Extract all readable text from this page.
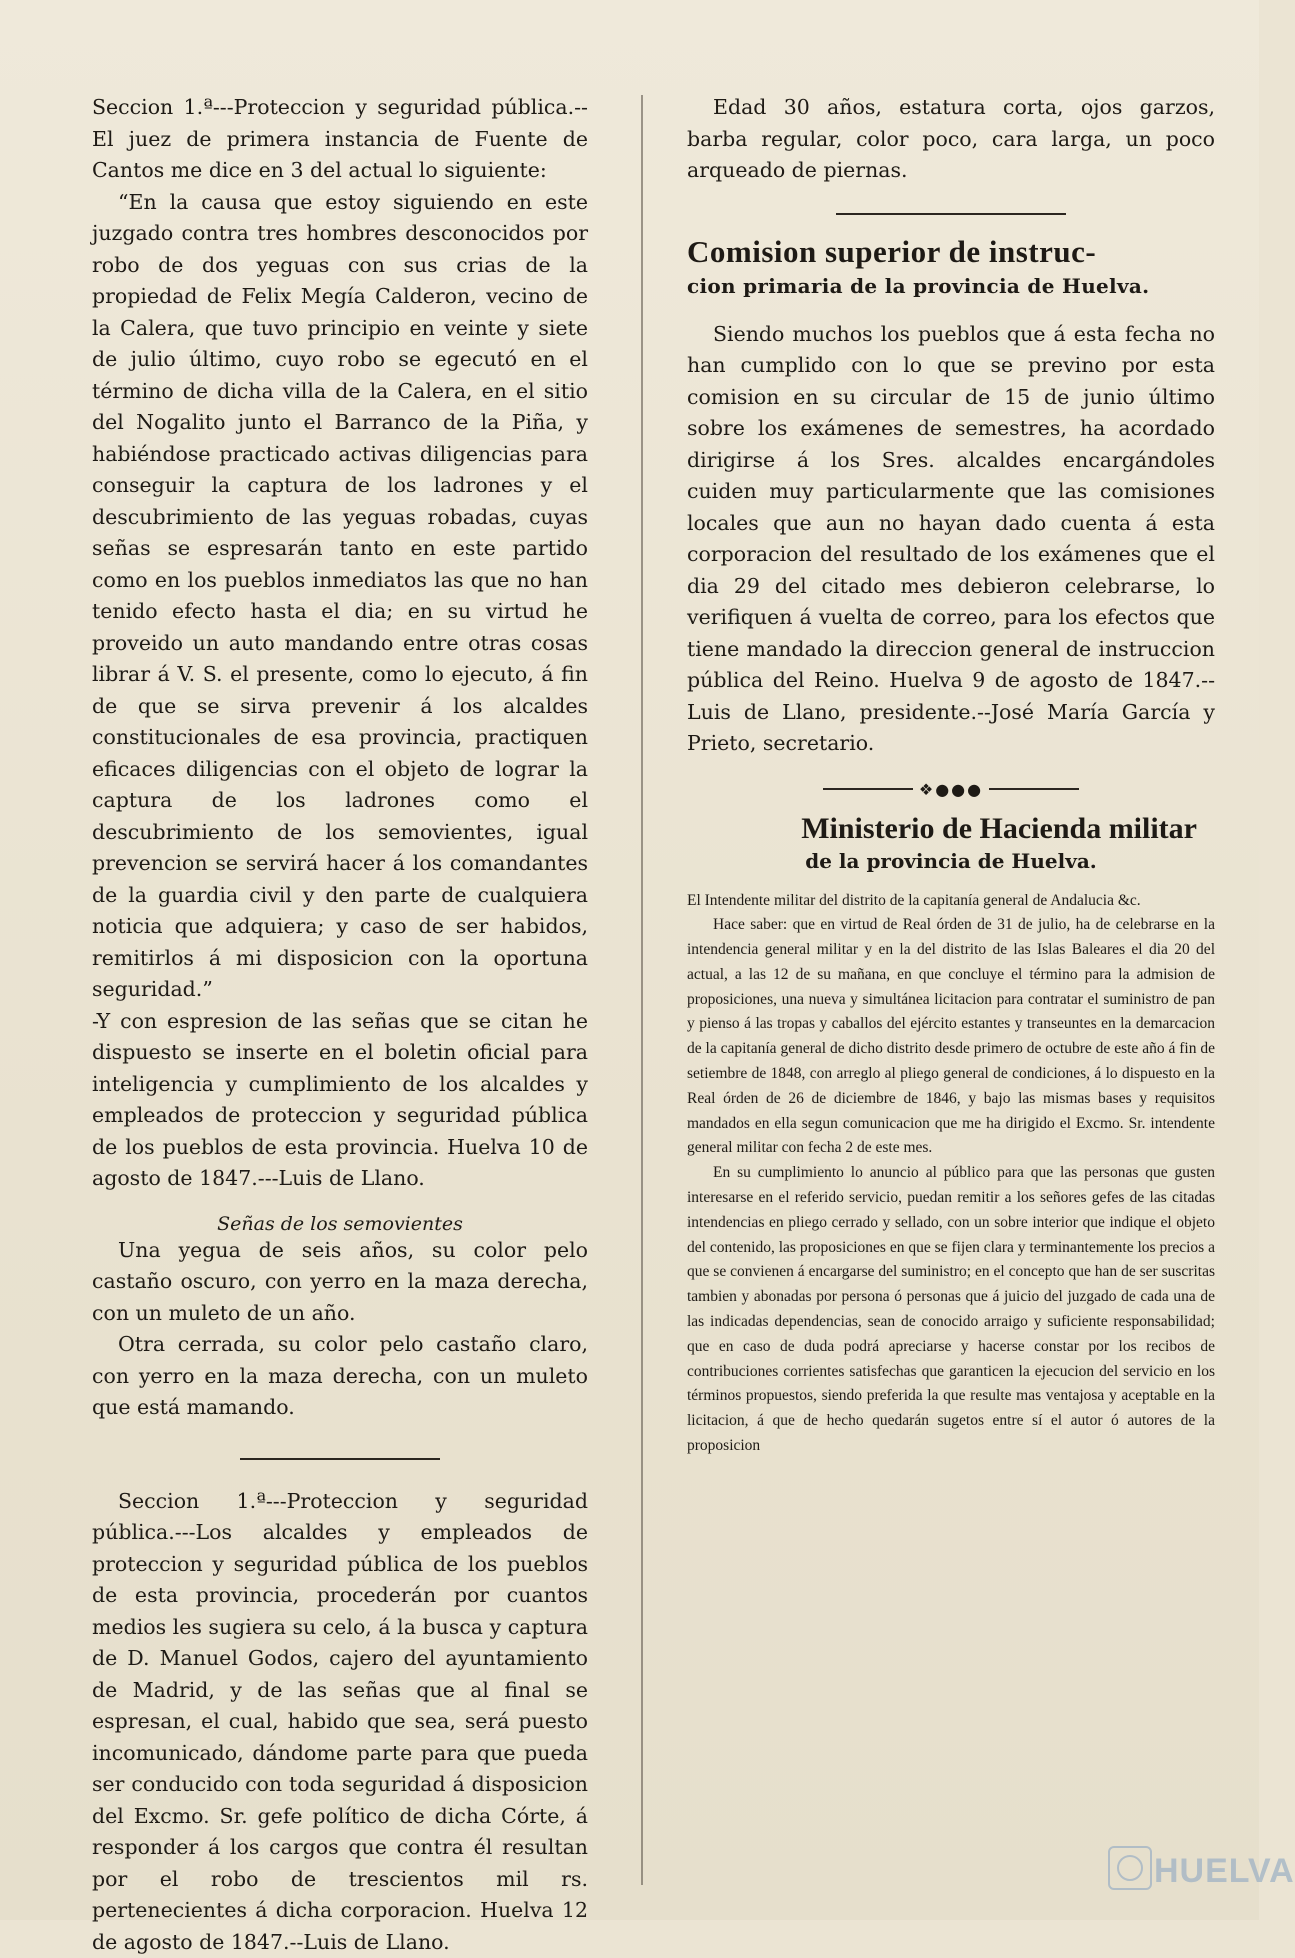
Seccion 1.ª---Proteccion y seguridad pública.--El juez de primera instancia de Fuente de Cantos me dice en 3 del actual lo siguiente:

“En la causa que estoy siguiendo en este juzgado contra tres hombres desconocidos por robo de dos yeguas con sus crias de la propiedad de Felix Megía Calderon, vecino de la Calera, que tuvo principio en veinte y siete de julio último, cuyo robo se egecutó en el término de dicha villa de la Calera, en el sitio del Nogalito junto el Barranco de la Piña, y habiéndose practicado activas diligencias para conseguir la captura de los ladrones y el descubrimiento de las yeguas robadas, cuyas señas se espresarán tanto en este partido como en los pueblos inmediatos las que no han tenido efecto hasta el dia; en su virtud he proveido un auto mandando entre otras cosas librar á V. S. el presente, como lo ejecuto, á fin de que se sirva prevenir á los alcaldes constitucionales de esa provincia, practiquen eficaces diligencias con el objeto de lograr la captura de los ladrones como el descubrimiento de los semovientes, igual prevencion se servirá hacer á los comandantes de la guardia civil y den parte de cualquiera noticia que adquiera; y caso de ser habidos, remitirlos á mi disposicion con la oportuna seguridad.”

-Y con espresion de las señas que se citan he dispuesto se inserte en el boletin oficial para inteligencia y cumplimiento de los alcaldes y empleados de proteccion y seguridad pública de los pueblos de esta provincia. Huelva 10 de agosto de 1847.---Luis de Llano.

Señas de los semovientes

Una yegua de seis años, su color pelo castaño oscuro, con yerro en la maza derecha, con un muleto de un año.

Otra cerrada, su color pelo castaño claro, con yerro en la maza derecha, con un muleto que está mamando.

Seccion 1.ª---Proteccion y seguridad pública.---Los alcaldes y empleados de proteccion y seguridad pública de los pueblos de esta provincia, procederán por cuantos medios les sugiera su celo, á la busca y captura de D. Manuel Godos, cajero del ayuntamiento de Madrid, y de las señas que al final se espresan, el cual, habido que sea, será puesto incomunicado, dándome parte para que pueda ser conducido con toda seguridad á disposicion del Excmo. Sr. gefe político de dicha Córte, á responder á los cargos que contra él resultan por el robo de trescientos mil rs. pertenecientes á dicha corporacion. Huelva 12 de agosto de 1847.--Luis de Llano.

Edad 30 años, estatura corta, ojos garzos, barba regular, color poco, cara larga, un poco arqueado de piernas.

Comision superior de instruc-
cion primaria de la provincia de Huelva.

Siendo muchos los pueblos que á esta fecha no han cumplido con lo que se previno por esta comision en su circular de 15 de junio último sobre los exámenes de semestres, ha acordado dirigirse á los Sres. alcaldes encargándoles cuiden muy particularmente que las comisiones locales que aun no hayan dado cuenta á esta corporacion del resultado de los exámenes que el dia 29 del citado mes debieron celebrarse, lo verifiquen á vuelta de correo, para los efectos que tiene mandado la direccion general de instruccion pública del Reino. Huelva 9 de agosto de 1847.--Luis de Llano, presidente.--José María García y Prieto, secretario.

❖●●●
Ministerio de Hacienda militar
de la provincia de Huelva.

El Intendente militar del distrito de la capitanía general de Andalucia &c.

Hace saber: que en virtud de Real órden de 31 de julio, ha de celebrarse en la intendencia general militar y en la del distrito de las Islas Baleares el dia 20 del actual, a las 12 de su mañana, en que concluye el término para la admision de proposiciones, una nueva y simultánea licitacion para contratar el suministro de pan y pienso á las tropas y caballos del ejército estantes y transeuntes en la demarcacion de la capitanía general de dicho distrito desde primero de octubre de este año á fin de setiembre de 1848, con arreglo al pliego general de condiciones, á lo dispuesto en la Real órden de 26 de diciembre de 1846, y bajo las mismas bases y requisitos mandados en ella segun comunicacion que me ha dirigido el Excmo. Sr. intendente general militar con fecha 2 de este mes.

En su cumplimiento lo anuncio al público para que las personas que gusten interesarse en el referido servicio, puedan remitir a los señores gefes de las citadas intendencias en pliego cerrado y sellado, con un sobre interior que indique el objeto del contenido, las proposiciones en que se fijen clara y terminantemente los precios a que se convienen á encargarse del suministro; en el concepto que han de ser suscritas tambien y abonadas por persona ó personas que á juicio del juzgado de cada una de las indicadas dependencias, sean de conocido arraigo y suficiente responsabilidad; que en caso de duda podrá apreciarse y hacerse constar por los recibos de contribuciones corrientes satisfechas que garanticen la ejecucion del servicio en los términos propuestos, siendo preferida la que resulte mas ventajosa y aceptable en la licitacion, á que de hecho quedarán sugetos entre sí el autor ó autores de la proposicion

HUELVA
